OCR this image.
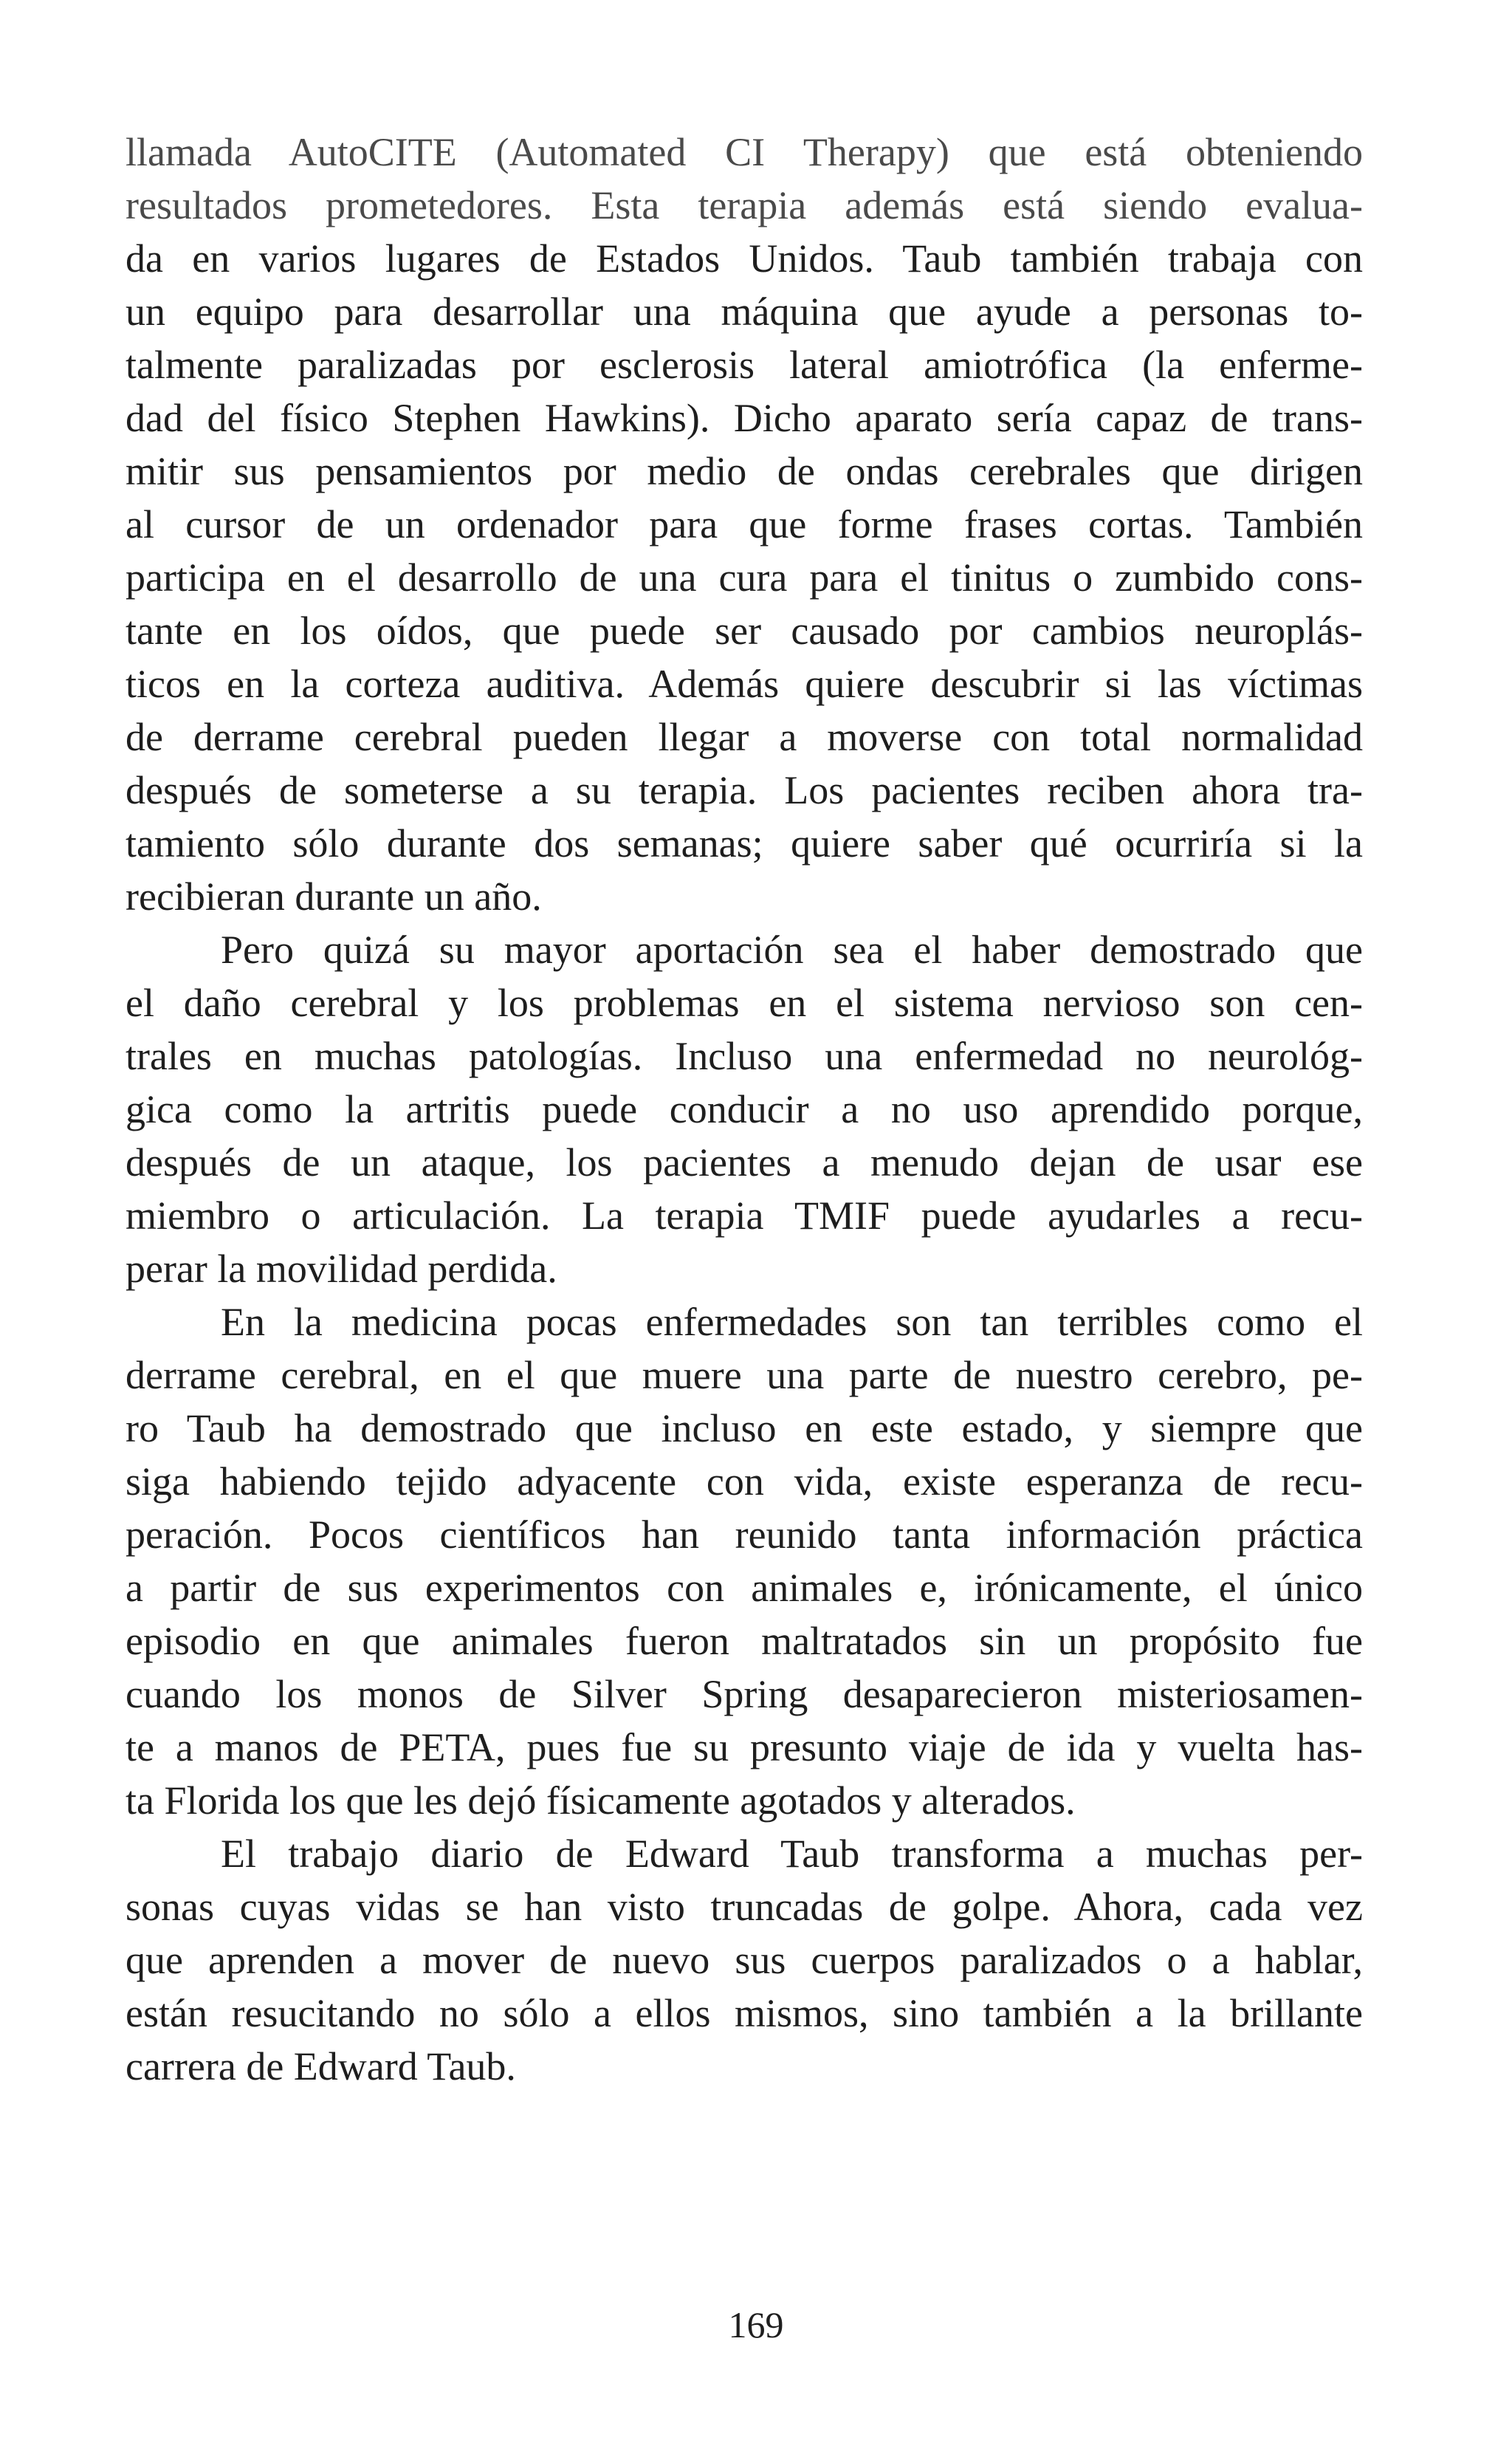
llamada AutoCITE (Automated CI Therapy) que está obteniendo
resultados prometedores. Esta terapia además está siendo evalua-
da en varios lugares de Estados Unidos. Taub también trabaja con
un equipo para desarrollar una máquina que ayude a personas to-
talmente paralizadas por esclerosis lateral amiotrófica (la enferme-
dad del físico Stephen Hawkins). Dicho aparato sería capaz de trans-
mitir sus pensamientos por medio de ondas cerebrales que dirigen
al cursor de un ordenador para que forme frases cortas. También
participa en el desarrollo de una cura para el tinitus o zumbido cons-
tante en los oídos, que puede ser causado por cambios neuroplás-
ticos en la corteza auditiva. Además quiere descubrir si las víctimas
de derrame cerebral pueden llegar a moverse con total normalidad
después de someterse a su terapia. Los pacientes reciben ahora tra-
tamiento sólo durante dos semanas; quiere saber qué ocurriría si la
recibieran durante un año.
Pero quizá su mayor aportación sea el haber demostrado que
el daño cerebral y los problemas en el sistema nervioso son cen-
trales en muchas patologías. Incluso una enfermedad no neurológ-
gica como la artritis puede conducir a no uso aprendido porque,
después de un ataque, los pacientes a menudo dejan de usar ese
miembro o articulación. La terapia TMIF puede ayudarles a recu-
perar la movilidad perdida.
En la medicina pocas enfermedades son tan terribles como el
derrame cerebral, en el que muere una parte de nuestro cerebro, pe-
ro Taub ha demostrado que incluso en este estado, y siempre que
siga habiendo tejido adyacente con vida, existe esperanza de recu-
peración. Pocos científicos han reunido tanta información práctica
a partir de sus experimentos con animales e, irónicamente, el único
episodio en que animales fueron maltratados sin un propósito fue
cuando los monos de Silver Spring desaparecieron misteriosamen-
te a manos de PETA, pues fue su presunto viaje de ida y vuelta has-
ta Florida los que les dejó físicamente agotados y alterados.
El trabajo diario de Edward Taub transforma a muchas per-
sonas cuyas vidas se han visto truncadas de golpe. Ahora, cada vez
que aprenden a mover de nuevo sus cuerpos paralizados o a hablar,
están resucitando no sólo a ellos mismos, sino también a la brillante
carrera de Edward Taub.
169
